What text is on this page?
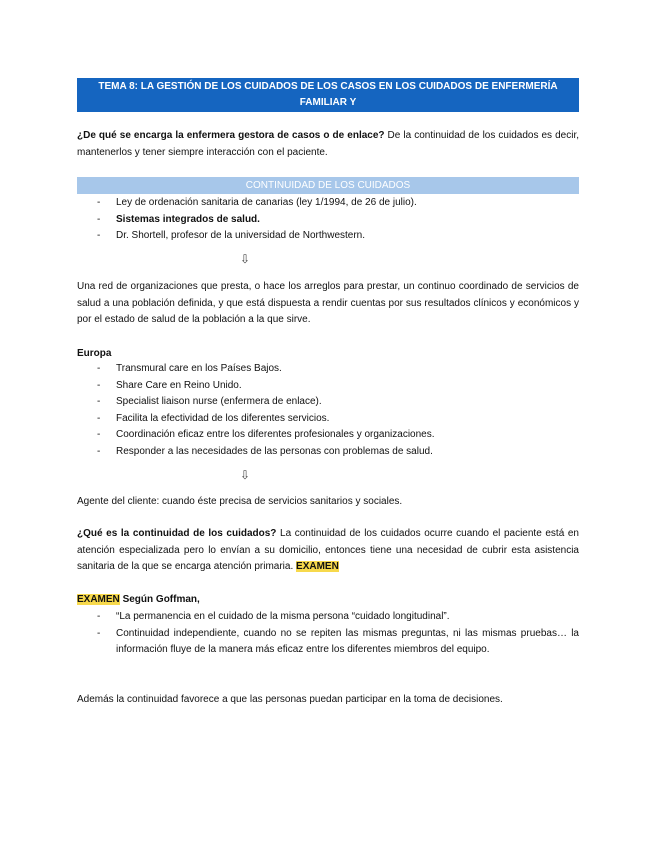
TEMA 8: LA GESTIÓN DE LOS CUIDADOS DE LOS CASOS EN LOS CUIDADOS DE ENFERMERÍA FAMILIAR Y
COMUNITARIA. “CONTINUIDAD DE LOS CUIDADOS”.
¿De qué se encarga la enfermera gestora de casos o de enlace? De la continuidad de los cuidados es decir, mantenerlos y tener siempre interacción con el paciente.
CONTINUIDAD DE LOS CUIDADOS
- Ley de ordenación sanitaria de canarias (ley 1/1994, de 26 de julio).
- Sistemas integrados de salud.
- Dr. Shortell, profesor de la universidad de Northwestern.
⇩
Una red de organizaciones que presta, o hace los arreglos para prestar, un continuo coordinado de servicios de salud a una población definida, y que está dispuesta a rendir cuentas por sus resultados clínicos y económicos y por el estado de salud de la población a la que sirve.
Europa
- Transmural care en los Países Bajos.
- Share Care en Reino Unido.
- Specialist liaison nurse (enfermera de enlace).
- Facilita la efectividad de los diferentes servicios.
- Coordinación eficaz entre los diferentes profesionales y organizaciones.
- Responder a las necesidades de las personas con problemas de salud.
⇩
Agente del cliente: cuando éste precisa de servicios sanitarios y sociales.
¿Qué es la continuidad de los cuidados? La continuidad de los cuidados ocurre cuando el paciente está en atención especializada pero lo envían a su domicilio, entonces tiene una necesidad de cubrir esta asistencia sanitaria de la que se encarga atención primaria. EXAMEN
EXAMEN Según Goffman,
- “La permanencia en el cuidado de la misma persona “cuidado longitudinal”.
- Continuidad independiente, cuando no se repiten las mismas preguntas, ni las mismas pruebas… la información fluye de la manera más eficaz entre los diferentes miembros del equipo.
Además la continuidad favorece a que las personas puedan participar en la toma de decisiones.
